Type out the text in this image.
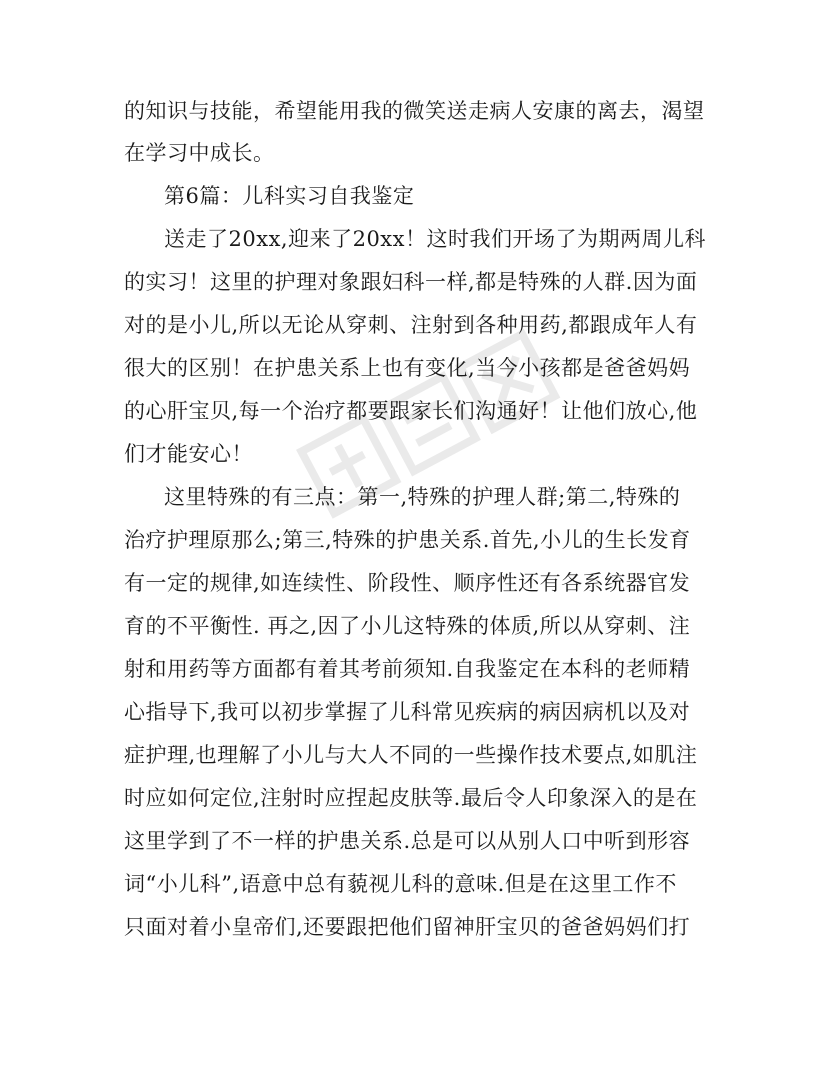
的知识与技能，希望能用我的微笑送走病人安康的离去，渴望
在学习中成长。
第6篇：儿科实习自我鉴定
送走了20xx,迎来了20xx！这时我们开场了为期两周儿科
的实习！这里的护理对象跟妇科一样,都是特殊的人群.因为面
对的是小儿,所以无论从穿刺、注射到各种用药,都跟成年人有
很大的区别！在护患关系上也有变化,当今小孩都是爸爸妈妈
的心肝宝贝,每一个治疗都要跟家长们沟通好！让他们放心,他
们才能安心！
这里特殊的有三点：第一,特殊的护理人群;第二,特殊的
治疗护理原那么;第三,特殊的护患关系.首先,小儿的生长发育
有一定的规律,如连续性、阶段性、顺序性还有各系统器官发
育的不平衡性. 再之,因了小儿这特殊的体质,所以从穿刺、注
射和用药等方面都有着其考前须知.自我鉴定在本科的老师精
心指导下,我可以初步掌握了儿科常见疾病的病因病机以及对
症护理,也理解了小儿与大人不同的一些操作技术要点,如肌注
时应如何定位,注射时应捏起皮肤等.最后令人印象深入的是在
这里学到了不一样的护患关系.总是可以从别人口中听到形容
词“小儿科”,语意中总有藐视儿科的意味.但是在这里工作不
只面对着小皇帝们,还要跟把他们留神肝宝贝的爸爸妈妈们打
